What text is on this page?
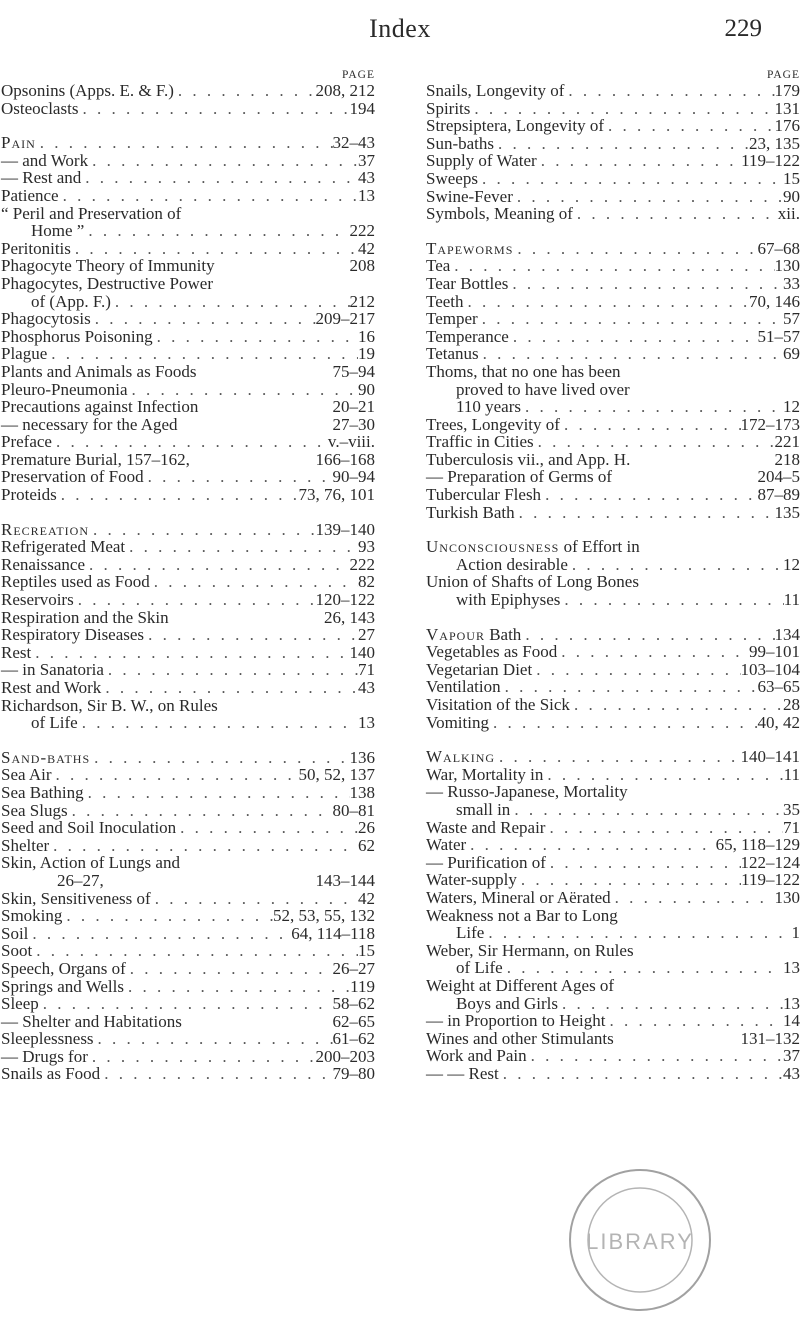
Index	229
PAGE
Opsonins (Apps. E. & F.) . . .	208, 212
Osteoclasts . . .	194
Pain . . .	32–43
— and Work . . .	37
— Rest and . . .	43
Patience . . .	13
“ Peril and Preservation of
Home ” . . .	222
Peritonitis . . .	42
Phagocyte Theory of Immunity	208
Phagocytes, Destructive Power
of (App. F.) . . .	212
Phagocytosis . . .	209–217
Phosphorus Poisoning . . .	16
Plague . . .	19
Plants and Animals as Foods	75–94
Pleuro-Pneumonia . . .	90
Precautions against Infection	20–21
— necessary for the Aged	27–30
Preface . . .	v.–viii.
Premature Burial, 157–162,	166–168
Preservation of Food . . .	90–94
Proteids . . .	73, 76, 101
Recreation . . .	139–140
Refrigerated Meat . . .	93
Renaissance . . .	222
Reptiles used as Food . . .	82
Reservoirs . . .	120–122
Respiration and the Skin	26, 143
Respiratory Diseases . . .	27
Rest . . .	140
— in Sanatoria . . .	71
Rest and Work . . .	43
Richardson, Sir B. W., on Rules
of Life . . .	13
Sand-baths . . .	136
Sea Air . . .	50, 52, 137
Sea Bathing . . .	138
Sea Slugs . . .	80–81
Seed and Soil Inoculation . . .	26
Shelter . . .	62
Skin, Action of Lungs and
26–27,	143–144
Skin, Sensitiveness of . . .	42
Smoking . . .	52, 53, 55, 132
Soil . . .	64, 114–118
Soot . . .	15
Speech, Organs of . . .	26–27
Springs and Wells . . .	119
Sleep . . .	58–62
— Shelter and Habitations	62–65
Sleeplessness . . .	61–62
— Drugs for . . .	200–203
Snails as Food . . .	79–80
PAGE
Snails, Longevity of . . .	179
Spirits . . .	131
Strepsiptera, Longevity of . . .	176
Sun-baths . . .	23, 135
Supply of Water . . .	119–122
Sweeps . . .	15
Swine-Fever . . .	90
Symbols, Meaning of . . .	xii.
Tapeworms . . .	67–68
Tea . . .	130
Tear Bottles . . .	33
Teeth . . .	70, 146
Temper . . .	57
Temperance . . .	51–57
Tetanus . . .	69
Thoms, that no one has been
proved to have lived over
110 years . . .	12
Trees, Longevity of . . .	172–173
Traffic in Cities . . .	221
Tuberculosis vii., and App. H.	218
— Preparation of Germs of	204–5
Tubercular Flesh . . .	87–89
Turkish Bath . . .	135
Unconsciousness of Effort in
Action desirable . . .	12
Union of Shafts of Long Bones
with Epiphyses . . .	11
Vapour Bath . . .	134
Vegetables as Food . . .	99–101
Vegetarian Diet . . .	103–104
Ventilation . . .	63–65
Visitation of the Sick . . .	28
Vomiting . . .	40, 42
Walking . . .	140–141
War, Mortality in . . .	11
— Russo-Japanese, Mortality
small in . . .	35
Waste and Repair . . .	71
Water . . .	65, 118–129
— Purification of . . .	122–124
Water-supply . . .	119–122
Waters, Mineral or Aërated . . .	130
Weakness not a Bar to Long
Life . . .	1
Weber, Sir Hermann, on Rules
of Life . . .	13
Weight at Different Ages of
Boys and Girls . . .	13
— in Proportion to Height . . .	14
Wines and other Stimulants	131–132
Work and Pain . . .	37
— — Rest . . .	43
LIBRARY
